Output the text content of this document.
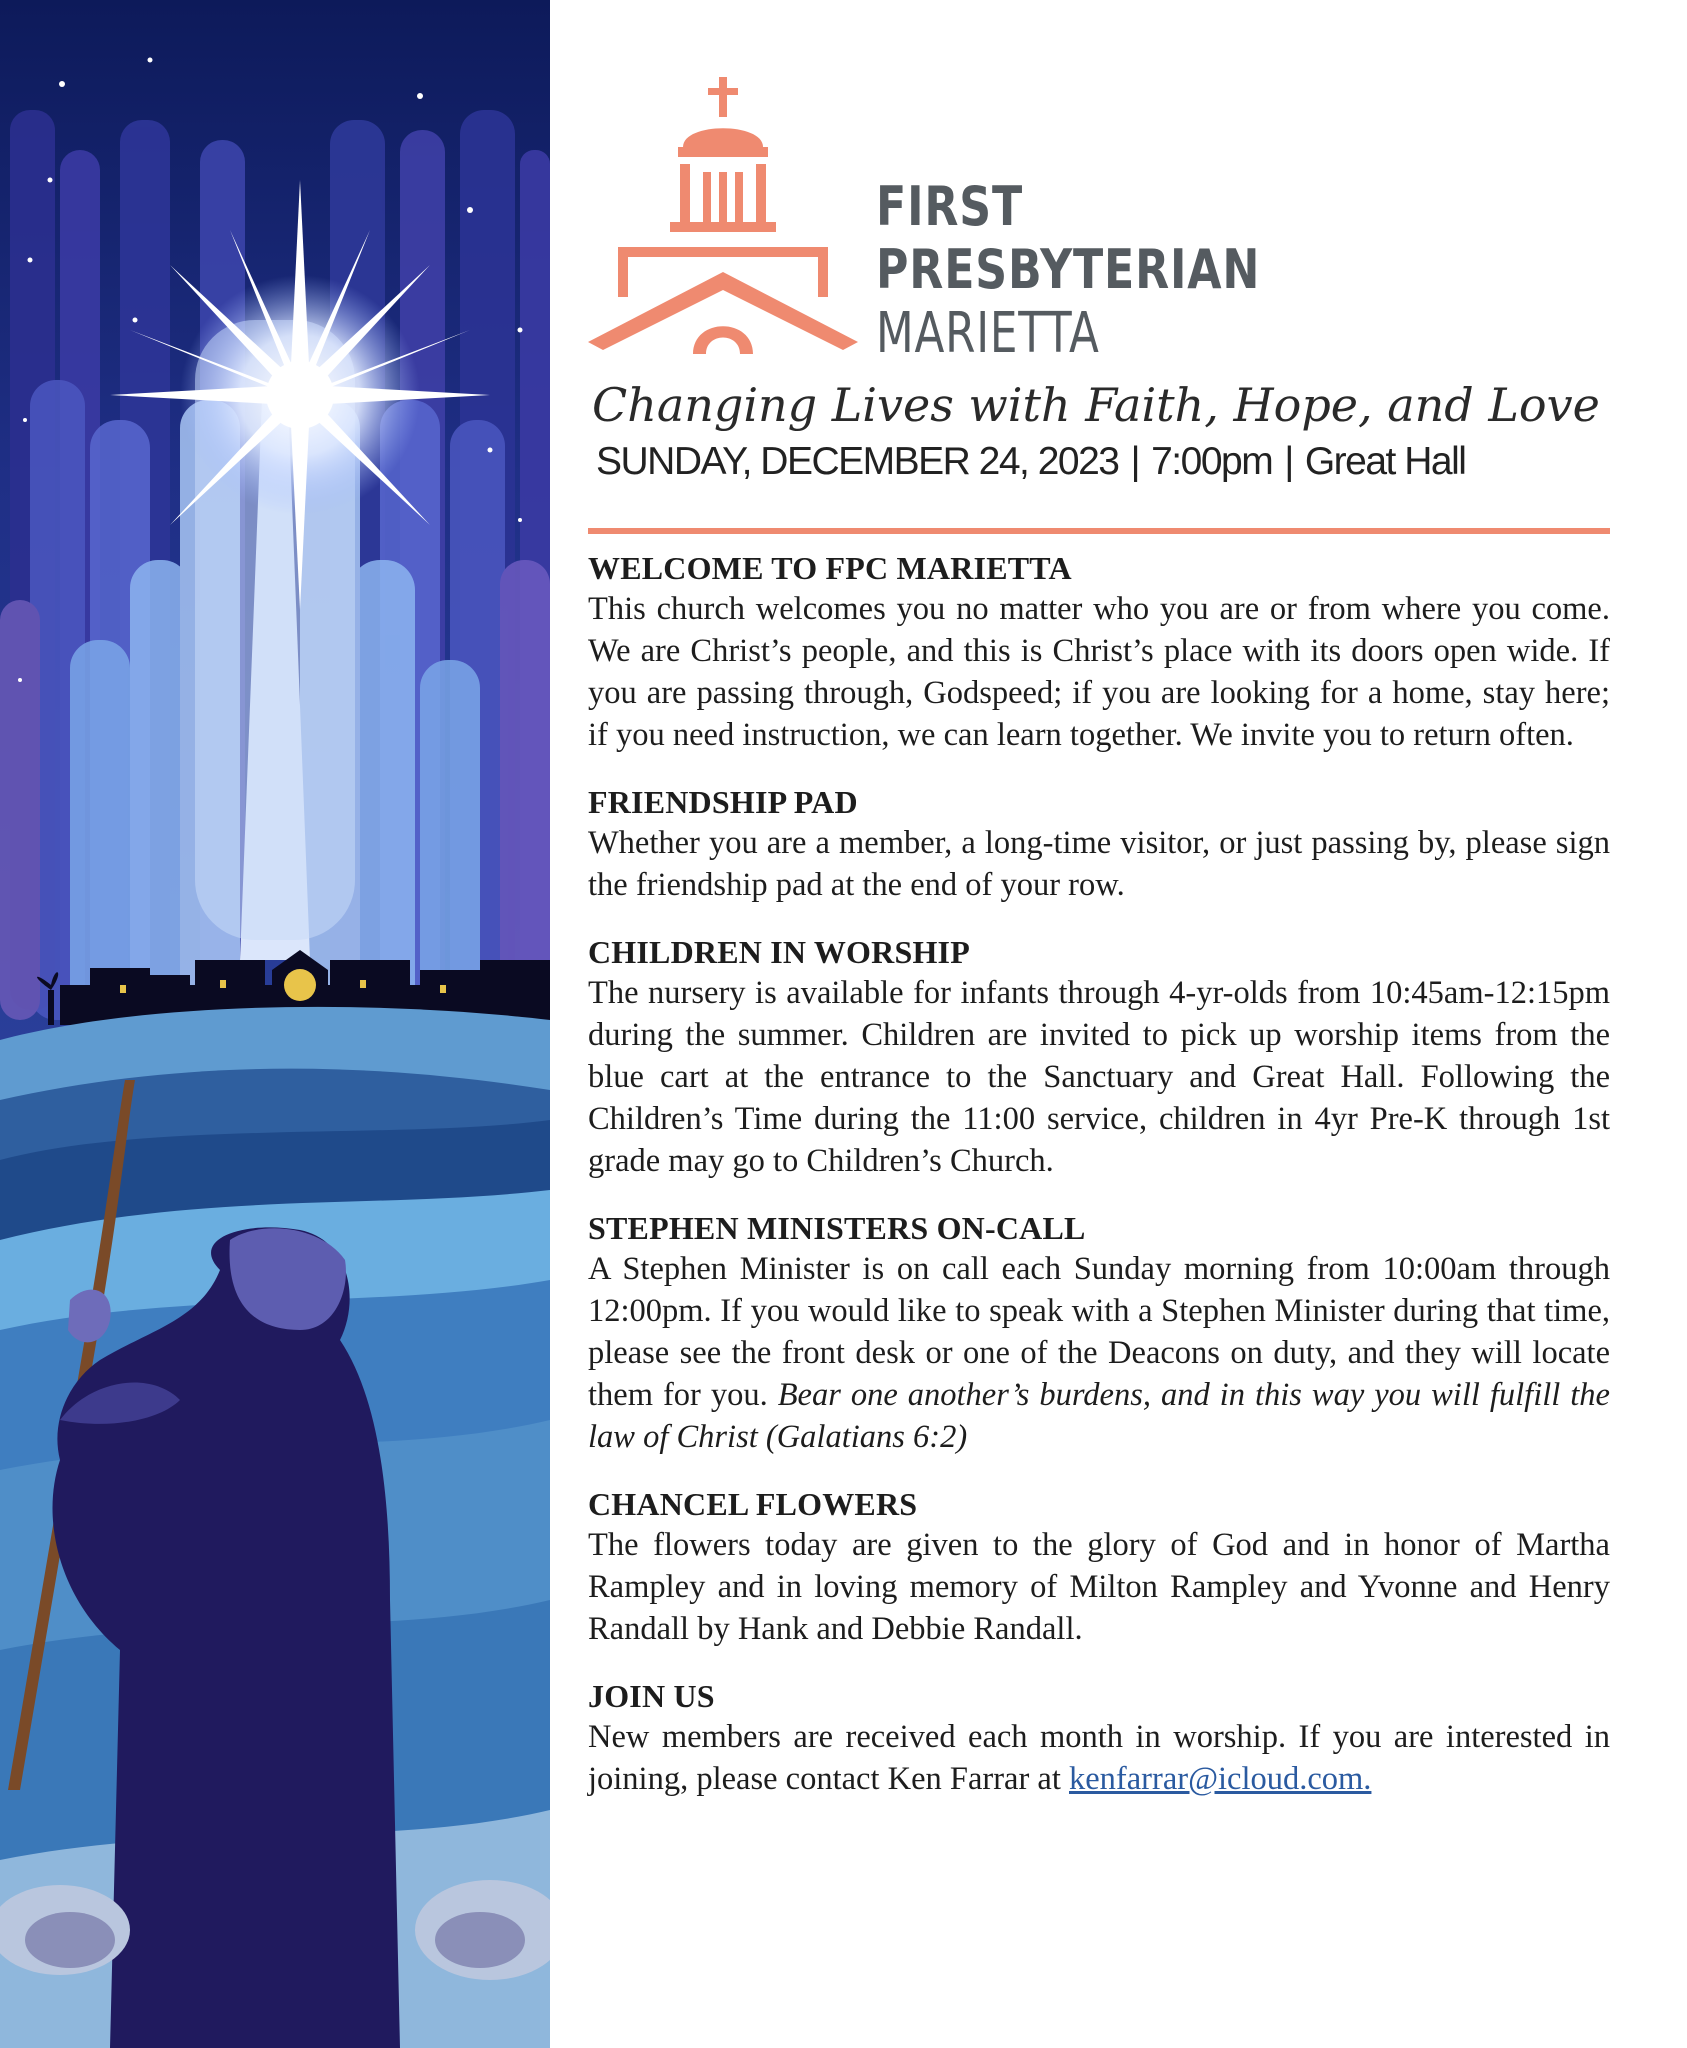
FIRST
PRESBYTERIAN
MARIETTA
Changing Lives with Faith, Hope, and Love
SUNDAY, DECEMBER 24, 2023 | 7:00pm | Great Hall
WELCOME TO FPC MARIETTA
This church welcomes you no matter who you are or from where you come. We are Christ’s people, and this is Christ’s place with its doors open wide. If you are passing through, Godspeed; if you are looking for a home, stay here; if you need instruction, we can learn together. We invite you to return often.
FRIENDSHIP PAD
Whether you are a member, a long-time visitor, or just passing by, please sign the friendship pad at the end of your row.
CHILDREN IN WORSHIP
The nursery is available for infants through 4-yr-olds from 10:45am-12:15pm during the summer. Children are invited to pick up worship items from the blue cart at the entrance to the Sanctuary and Great Hall. Following the Children’s Time during the 11:00 service, children in 4yr Pre-K through 1st grade may go to Children’s Church.
STEPHEN MINISTERS ON-CALL
A Stephen Minister is on call each Sunday morning from 10:00am through 12:00pm. If you would like to speak with a Stephen Minister during that time, please see the front desk or one of the Deacons on duty, and they will locate them for you. Bear one another’s burdens, and in this way you will fulfill the law of Christ (Galatians 6:2)
CHANCEL FLOWERS
The flowers today are given to the glory of God and in honor of Martha Rampley and in loving memory of Milton Rampley and Yvonne and Henry Randall by Hank and Debbie Randall.
JOIN US
New members are received each month in worship. If you are interested in joining, please contact Ken Farrar at kenfarrar@icloud.com.
